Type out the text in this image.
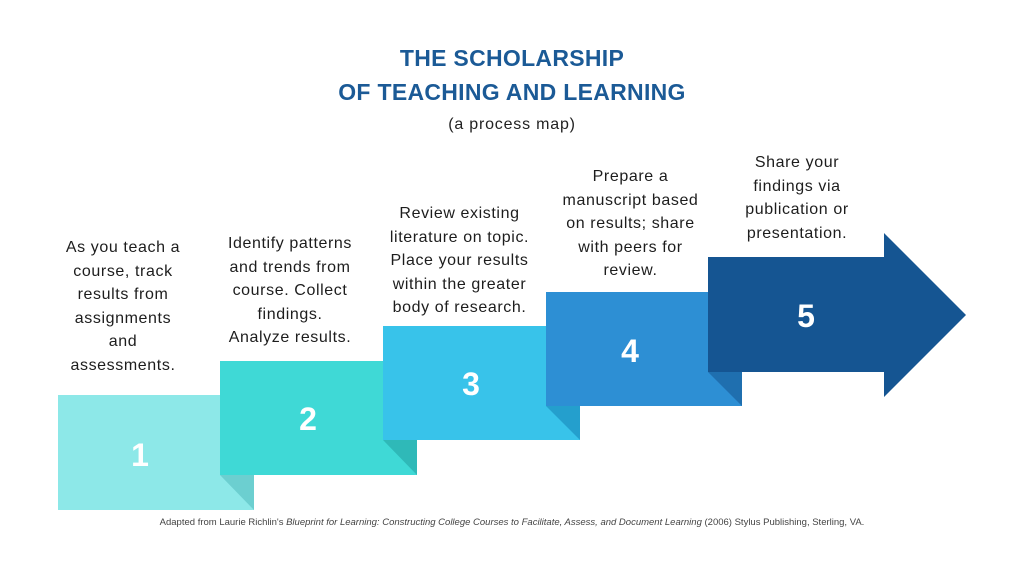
THE SCHOLARSHIP
OF TEACHING AND LEARNING
(a process map)
1
2
3
4
5
As you teach a
course, track
results from
assignments
and
assessments.
Identify patterns
and trends from
course. Collect
findings.
Analyze results.
Review existing
literature on topic.
Place your results
within the greater
body of research.
Prepare a
manuscript based
on results; share
with peers for
review.
Share your
findings via
publication or
presentation.
Adapted from Laurie Richlin's Blueprint for Learning: Constructing College Courses to Facilitate, Assess, and Document Learning (2006) Stylus Publishing, Sterling, VA.
